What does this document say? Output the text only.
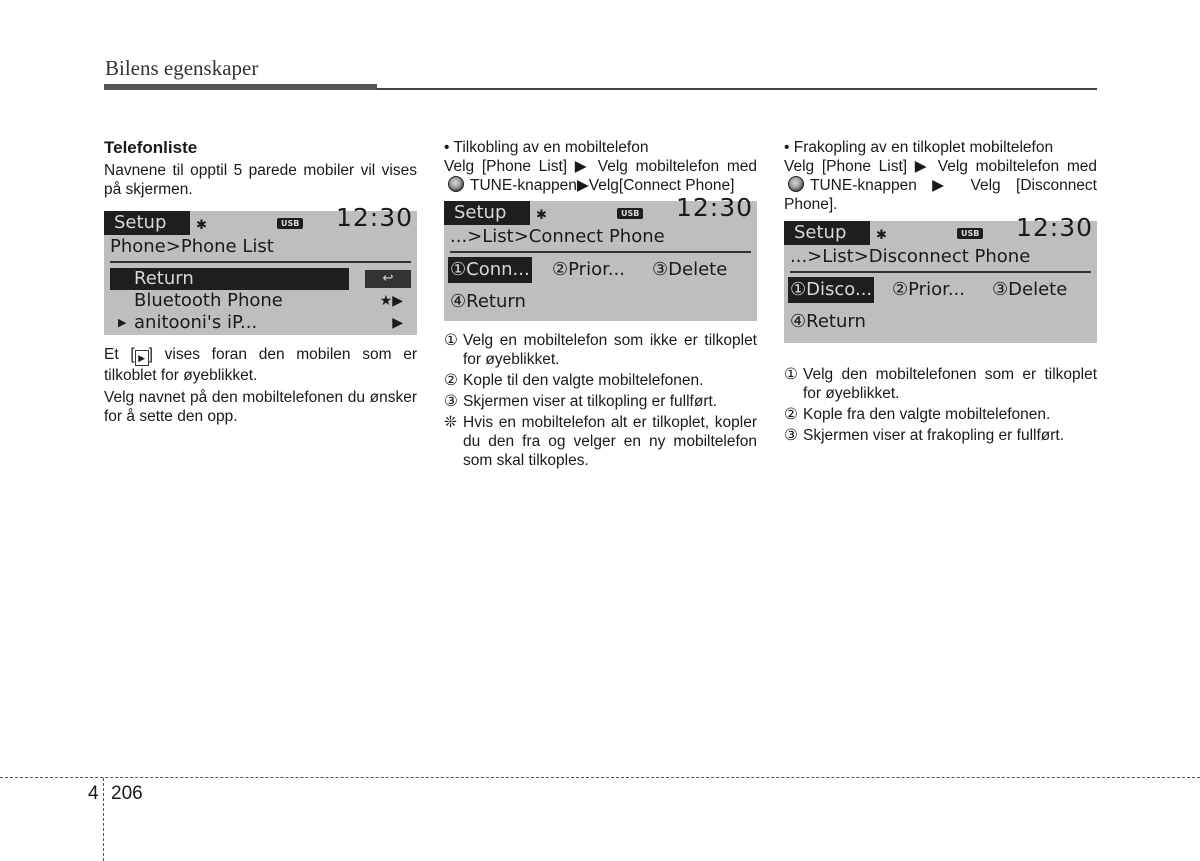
Bilens egenskaper

Telefonliste

Navnene til opptil 5 parede mobiler vil vises på skjermen.

Setup	✱	USB 12:30
Phone>Phone List
Return	↩
Bluetooth Phone	★▶
▶ anitooni's iP...	▶

Et [ ▶ ] vises foran den mobilen som er tilkoblet for øyeblikket.

Velg navnet på den mobiltelefonen du ønsker for å sette den opp.

• Tilkobling av en mobiltelefon

Velg [Phone List] ▶ Velg mobiltelefon medTUNE-knappen▶Velg[Connect Phone]

Setup	✱	USB 12:30
...>List>Connect Phone
①Conn... ②Prior... ③Delete
④Return
① Velg en mobiltelefon som ikke er tilkoplet for øyeblikket.
② Kople til den valgte mobiltelefonen.
③ Skjermen viser at tilkopling er fullført.
❊ Hvis en mobiltelefon alt er tilkoplet, kopler du den fra og velger en ny mobiltelefon som skal tilkoples.

• Frakopling av en tilkoplet mobiltelefon

Velg [Phone List] ▶ Velg mobiltelefon medTUNE-knappen ▶ Velg [Disconnect Phone].

Setup	✱	USB 12:30
...>List>Disconnect Phone
①Disco... ②Prior... ③Delete
④Return
① Velg den mobiltelefonen som er tilkoplet for øyeblikket.
② Kople fra den valgte mobiltelefonen.
③ Skjermen viser at frakopling er fullført.
4 206
